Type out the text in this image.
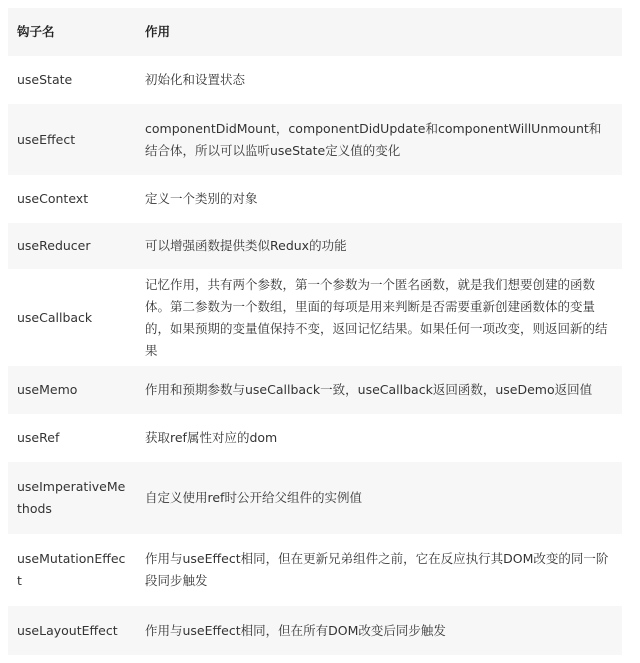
钩子名	作用
useState	初始化和设置状态
useEffect	componentDidMount，componentDidUpdate和componentWillUnmount和结合体，所以可以监听useState定义值的变化
useContext	定义一个类别的对象
useReducer	可以增强函数提供类似Redux的功能
useCallback	记忆作用，共有两个参数，第一个参数为一个匿名函数，就是我们想要创建的函数体。第二参数为一个数组，里面的每项是用来判断是否需要重新创建函数体的变量的，如果预期的变量值保持不变，返回记忆结果。如果任何一项改变，则返回新的结果
useMemo	作用和预期参数与useCallback一致，useCallback返回函数，useDemo返回值
useRef	获取ref属性对应的dom
useImperativeMethods	自定义使用ref时公开给父组件的实例值
useMutationEffect	作用与useEffect相同，但在更新兄弟组件之前，它在反应执行其DOM改变的同一阶段同步触发
useLayoutEffect	作用与useEffect相同，但在所有DOM改变后同步触发
